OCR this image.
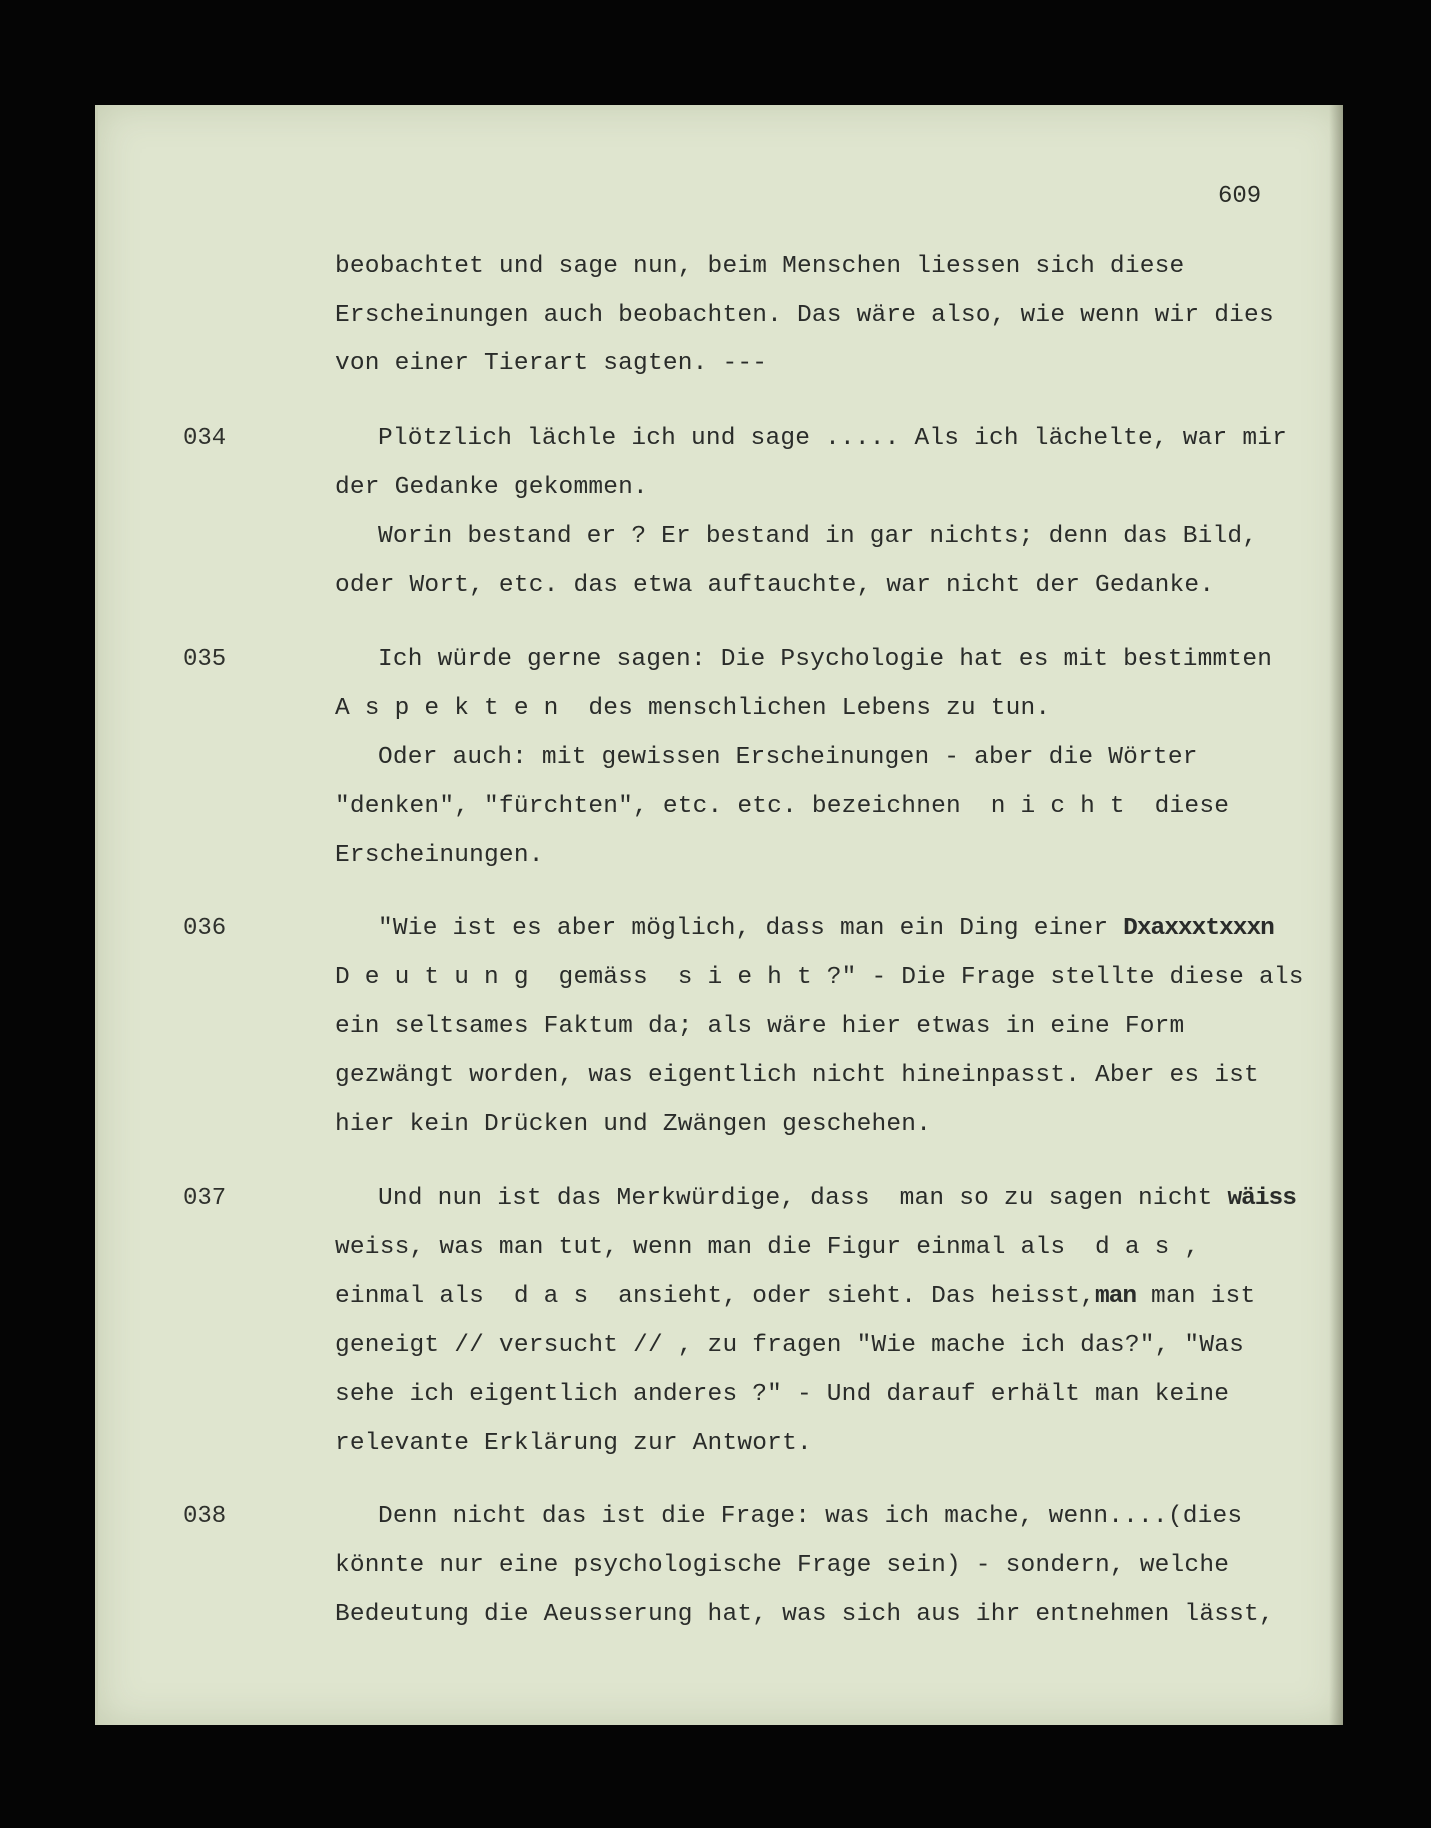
609

beobachtet und sage nun, beim Menschen liessen sich diese

Erscheinungen auch beobachten. Das wäre also, wie wenn wir dies

von einer Tierart sagten. ---

034	Plötzlich lächle ich und sage ..... Als ich lächelte, war mir

der Gedanke gekommen.

Worin bestand er ? Er bestand in gar nichts; denn das Bild,

oder Wort, etc. das etwa auftauchte, war nicht der Gedanke.

035	Ich würde gerne sagen: Die Psychologie hat es mit bestimmten

A s p e k t e n  des menschlichen Lebens zu tun.

Oder auch: mit gewissen Erscheinungen - aber die Wörter

"denken", "fürchten", etc. etc. bezeichnen  n i c h t  diese

Erscheinungen.

036	"Wie ist es aber möglich, dass man ein Ding einer Dxaxxxtxxxn

D e u t u n g  gemäss  s i e h t ?" - Die Frage stellte diese als

ein seltsames Faktum da; als wäre hier etwas in eine Form

gezwängt worden, was eigentlich nicht hineinpasst. Aber es ist

hier kein Drücken und Zwängen geschehen.

037	Und nun ist das Merkwürdige, dass  man so zu sagen nicht wäiss

weiss, was man tut, wenn man die Figur einmal als  d a s ,

einmal als  d a s  ansieht, oder sieht. Das heisst,man man ist

geneigt // versucht // , zu fragen "Wie mache ich das?", "Was

sehe ich eigentlich anderes ?" - Und darauf erhält man keine

relevante Erklärung zur Antwort.

038	Denn nicht das ist die Frage: was ich mache, wenn....(dies

könnte nur eine psychologische Frage sein) - sondern, welche

Bedeutung die Aeusserung hat, was sich aus ihr entnehmen lässt,
